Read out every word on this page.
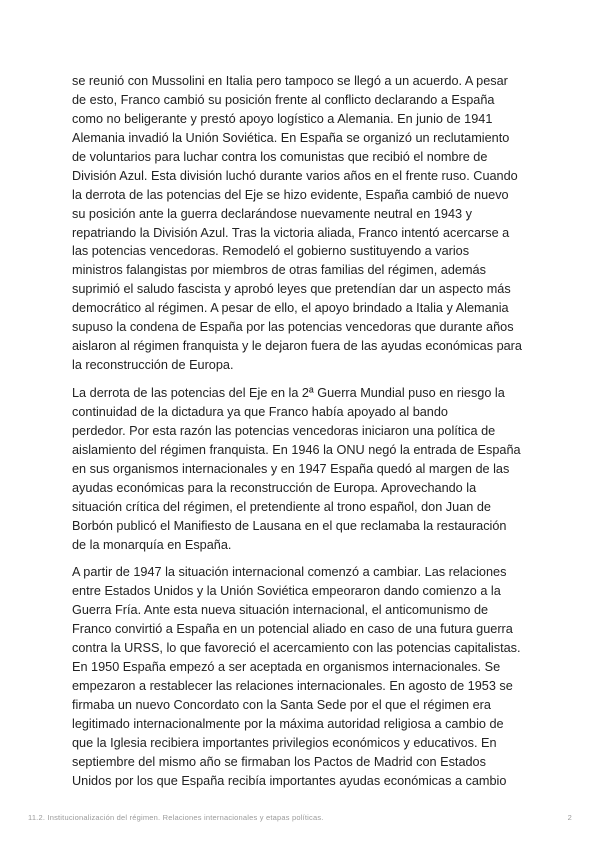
se reunió con Mussolini en Italia pero tampoco se llegó a un acuerdo. A pesar
de esto, Franco cambió su posición frente al conflicto declarando a España
como no beligerante y prestó apoyo logístico a Alemania. En junio de 1941
Alemania invadió la Unión Soviética. En España se organizó un reclutamiento
de voluntarios para luchar contra los comunistas que recibió el nombre de
División Azul. Esta división luchó durante varios años en el frente ruso. Cuando
la derrota de las potencias del Eje se hizo evidente, España cambió de nuevo
su posición ante la guerra declarándose nuevamente neutral en 1943 y
repatriando la División Azul. Tras la victoria aliada, Franco intentó acercarse a
las potencias vencedoras. Remodeló el gobierno sustituyendo a varios
ministros falangistas por miembros de otras familias del régimen, además
suprimió el saludo fascista y aprobó leyes que pretendían dar un aspecto más
democrático al régimen. A pesar de ello, el apoyo brindado a Italia y Alemania
supuso la condena de España por las potencias vencedoras que durante años
aislaron al régimen franquista y le dejaron fuera de las ayudas económicas para
la reconstrucción de Europa.

La derrota de las potencias del Eje en la 2ª Guerra Mundial puso en riesgo la
continuidad de la dictadura ya que Franco había apoyado al bando
perdedor. Por esta razón las potencias vencedoras iniciaron una política de
aislamiento del régimen franquista. En 1946 la ONU negó la entrada de España
en sus organismos internacionales y en 1947 España quedó al margen de las
ayudas económicas para la reconstrucción de Europa. Aprovechando la
situación crítica del régimen, el pretendiente al trono español, don Juan de
Borbón publicó el Manifiesto de Lausana en el que reclamaba la restauración
de la monarquía en España.

A partir de 1947 la situación internacional comenzó a cambiar. Las relaciones
entre Estados Unidos y la Unión Soviética empeoraron dando comienzo a la
Guerra Fría. Ante esta nueva situación internacional, el anticomunismo de
Franco convirtió a España en un potencial aliado en caso de una futura guerra
contra la URSS, lo que favoreció el acercamiento con las potencias capitalistas.
En 1950 España empezó a ser aceptada en organismos internacionales. Se
empezaron a restablecer las relaciones internacionales. En agosto de 1953 se
firmaba un nuevo Concordato con la Santa Sede por el que el régimen era
legitimado internacionalmente por la máxima autoridad religiosa a cambio de
que la Iglesia recibiera importantes privilegios económicos y educativos. En
septiembre del mismo año se firmaban los Pactos de Madrid con Estados
Unidos por los que España recibía importantes ayudas económicas a cambio

11.2. Institucionalización del régimen. Relaciones internacionales y etapas políticas.	2
